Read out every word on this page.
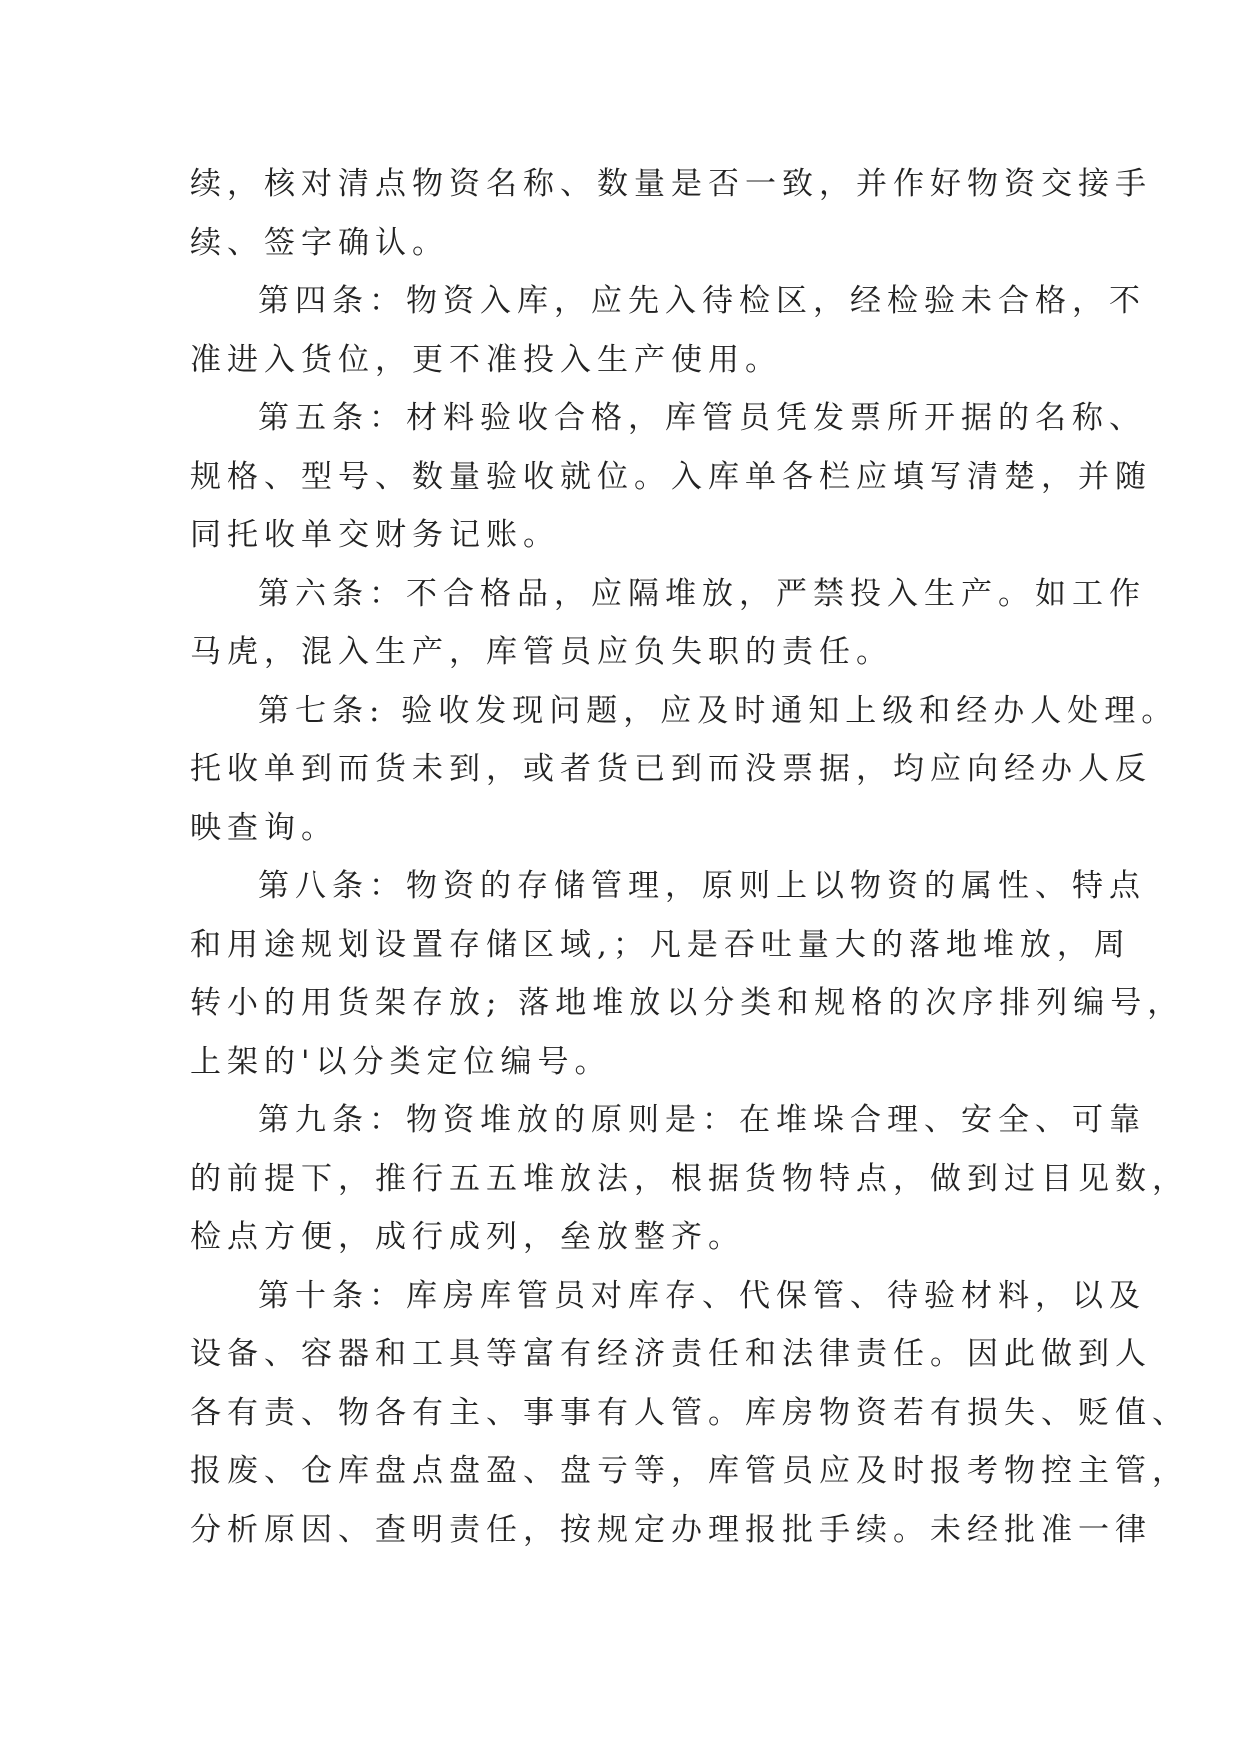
续，核对清点物资名称、数量是否一致，并作好物资交接手
续、签字确认。
第四条：物资入库，应先入待检区，经检验未合格，不
准进入货位，更不准投入生产使用。
第五条：材料验收合格，库管员凭发票所开据的名称、
规格、型号、数量验收就位。入库单各栏应填写清楚，并随
同托收单交财务记账。
第六条：不合格品，应隔堆放，严禁投入生产。如工作
马虎，混入生产，库管员应负失职的责任。
第七条: 验收发现问题，应及时通知上级和经办人处理。
托收单到而货未到，或者货已到而没票据，均应向经办人反
映查询。
第八条：物资的存储管理，原则上以物资的属性、特点
和用途规划设置存储区域,；凡是吞吐量大的落地堆放，周
转小的用货架存放; 落地堆放以分类和规格的次序排列编号，
上架的'以分类定位编号。
第九条：物资堆放的原则是：在堆垛合理、安全、可靠
的前提下，推行五五堆放法，根据货物特点，做到过目见数，
检点方便，成行成列，垒放整齐。
第十条：库房库管员对库存、代保管、待验材料，以及
设备、容器和工具等富有经济责任和法律责任。因此做到人
各有责、物各有主、事事有人管。库房物资若有损失、贬值、
报废、仓库盘点盘盈、盘亏等，库管员应及时报考物控主管，
分析原因、查明责任，按规定办理报批手续。未经批准一律
